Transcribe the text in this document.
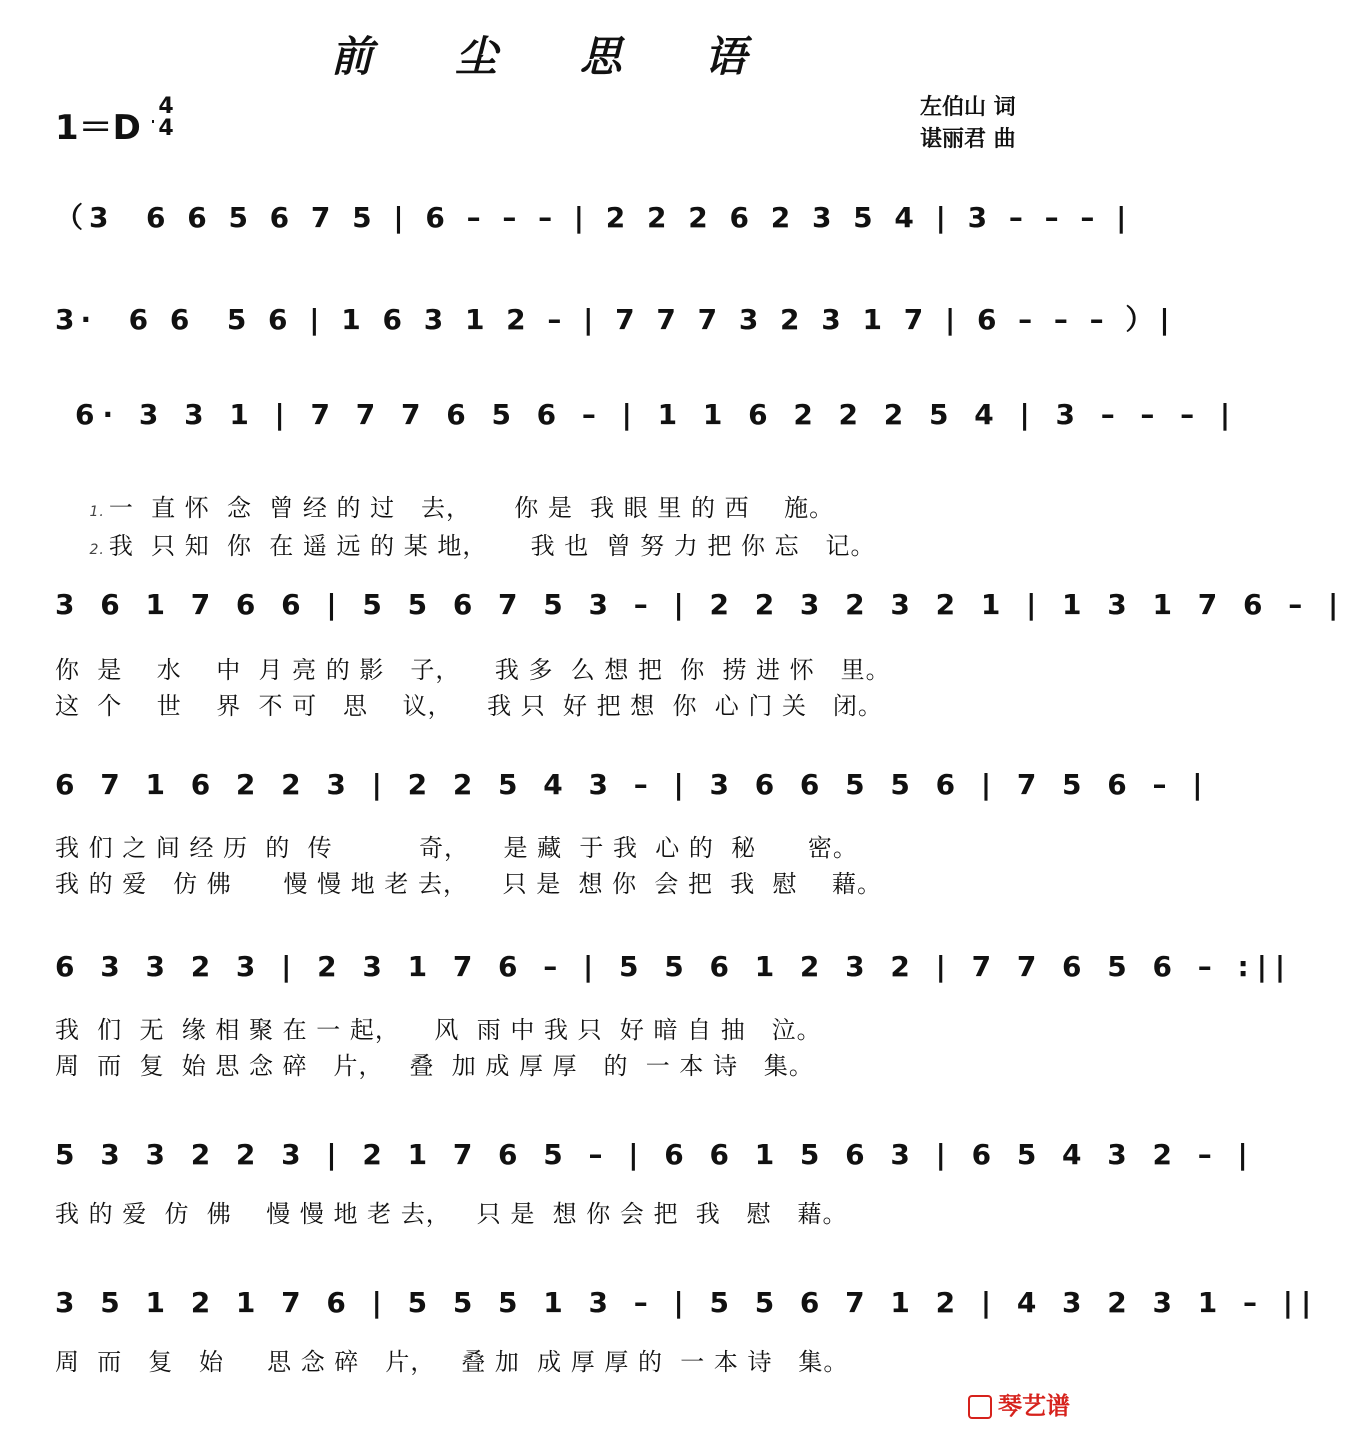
前 尘 思 语
1＝D
4
4
左伯山 词
谌丽君 曲
（3  6 6 5 6 7 5 | 6 – – – | 2 2 2 6 2 3 5 4 | 3 – – – |
3·  6 6  5 6 | 1 6 3 1 2 – | 7 7 7 3 2 3 1 7 | 6 – – – ）|
6· 3 3 1 | 7 7 7 6 5 6 – | 1 1 6 2 2 2 5 4 | 3 – – – |

1. 一  直 怀  念  曾 经 的 过   去，     你 是  我 眼 里 的 西    施。

2. 我  只 知  你  在 遥 远 的 某 地，     我 也  曾 努 力 把 你 忘   记。

3 6 1 7 6 6 | 5 5 6 7 5 3 – | 2 2 3 2 3 2 1 | 1 3 1 7 6 – |
你  是    水    中  月 亮 的 影   子，    我 多  么 想 把  你  捞 进 怀   里。
这  个    世    界  不 可   思    议，    我 只  好 把 想  你  心 门 关   闭。
6 7 1 6 2 2 3 | 2 2 5 4 3 – | 3 6 6 5 5 6 | 7 5 6 – |
我 们 之 间 经 历  的  传          奇，    是 藏  于 我  心 的  秘      密。
我 的 爱   仿 佛      慢 慢 地 老 去，    只 是  想 你  会 把  我  慰    藉。
6 3 3 2 3 | 2 3 1 7 6 – | 5 5 6 1 2 3 2 | 7 7 6 5 6 – :||
我  们  无  缘 相 聚 在 一 起，    风  雨 中 我 只  好 暗 自 抽   泣。
周  而  复  始 思 念 碎   片，   叠  加 成 厚 厚   的  一 本 诗   集。
5 3 3 2 2 3 | 2 1 7 6 5 – | 6 6 1 5 6 3 | 6 5 4 3 2 – |
我 的 爱  仿  佛    慢 慢 地 老 去，   只 是  想 你 会 把  我   慰   藉。
3 5 1 2 1 7 6 | 5 5 5 1 3 – | 5 5 6 7 1 2 | 4 3 2 3 1 – ||
周  而   复   始     思 念 碎   片，   叠 加  成 厚 厚 的  一 本 诗   集。
琴艺谱
